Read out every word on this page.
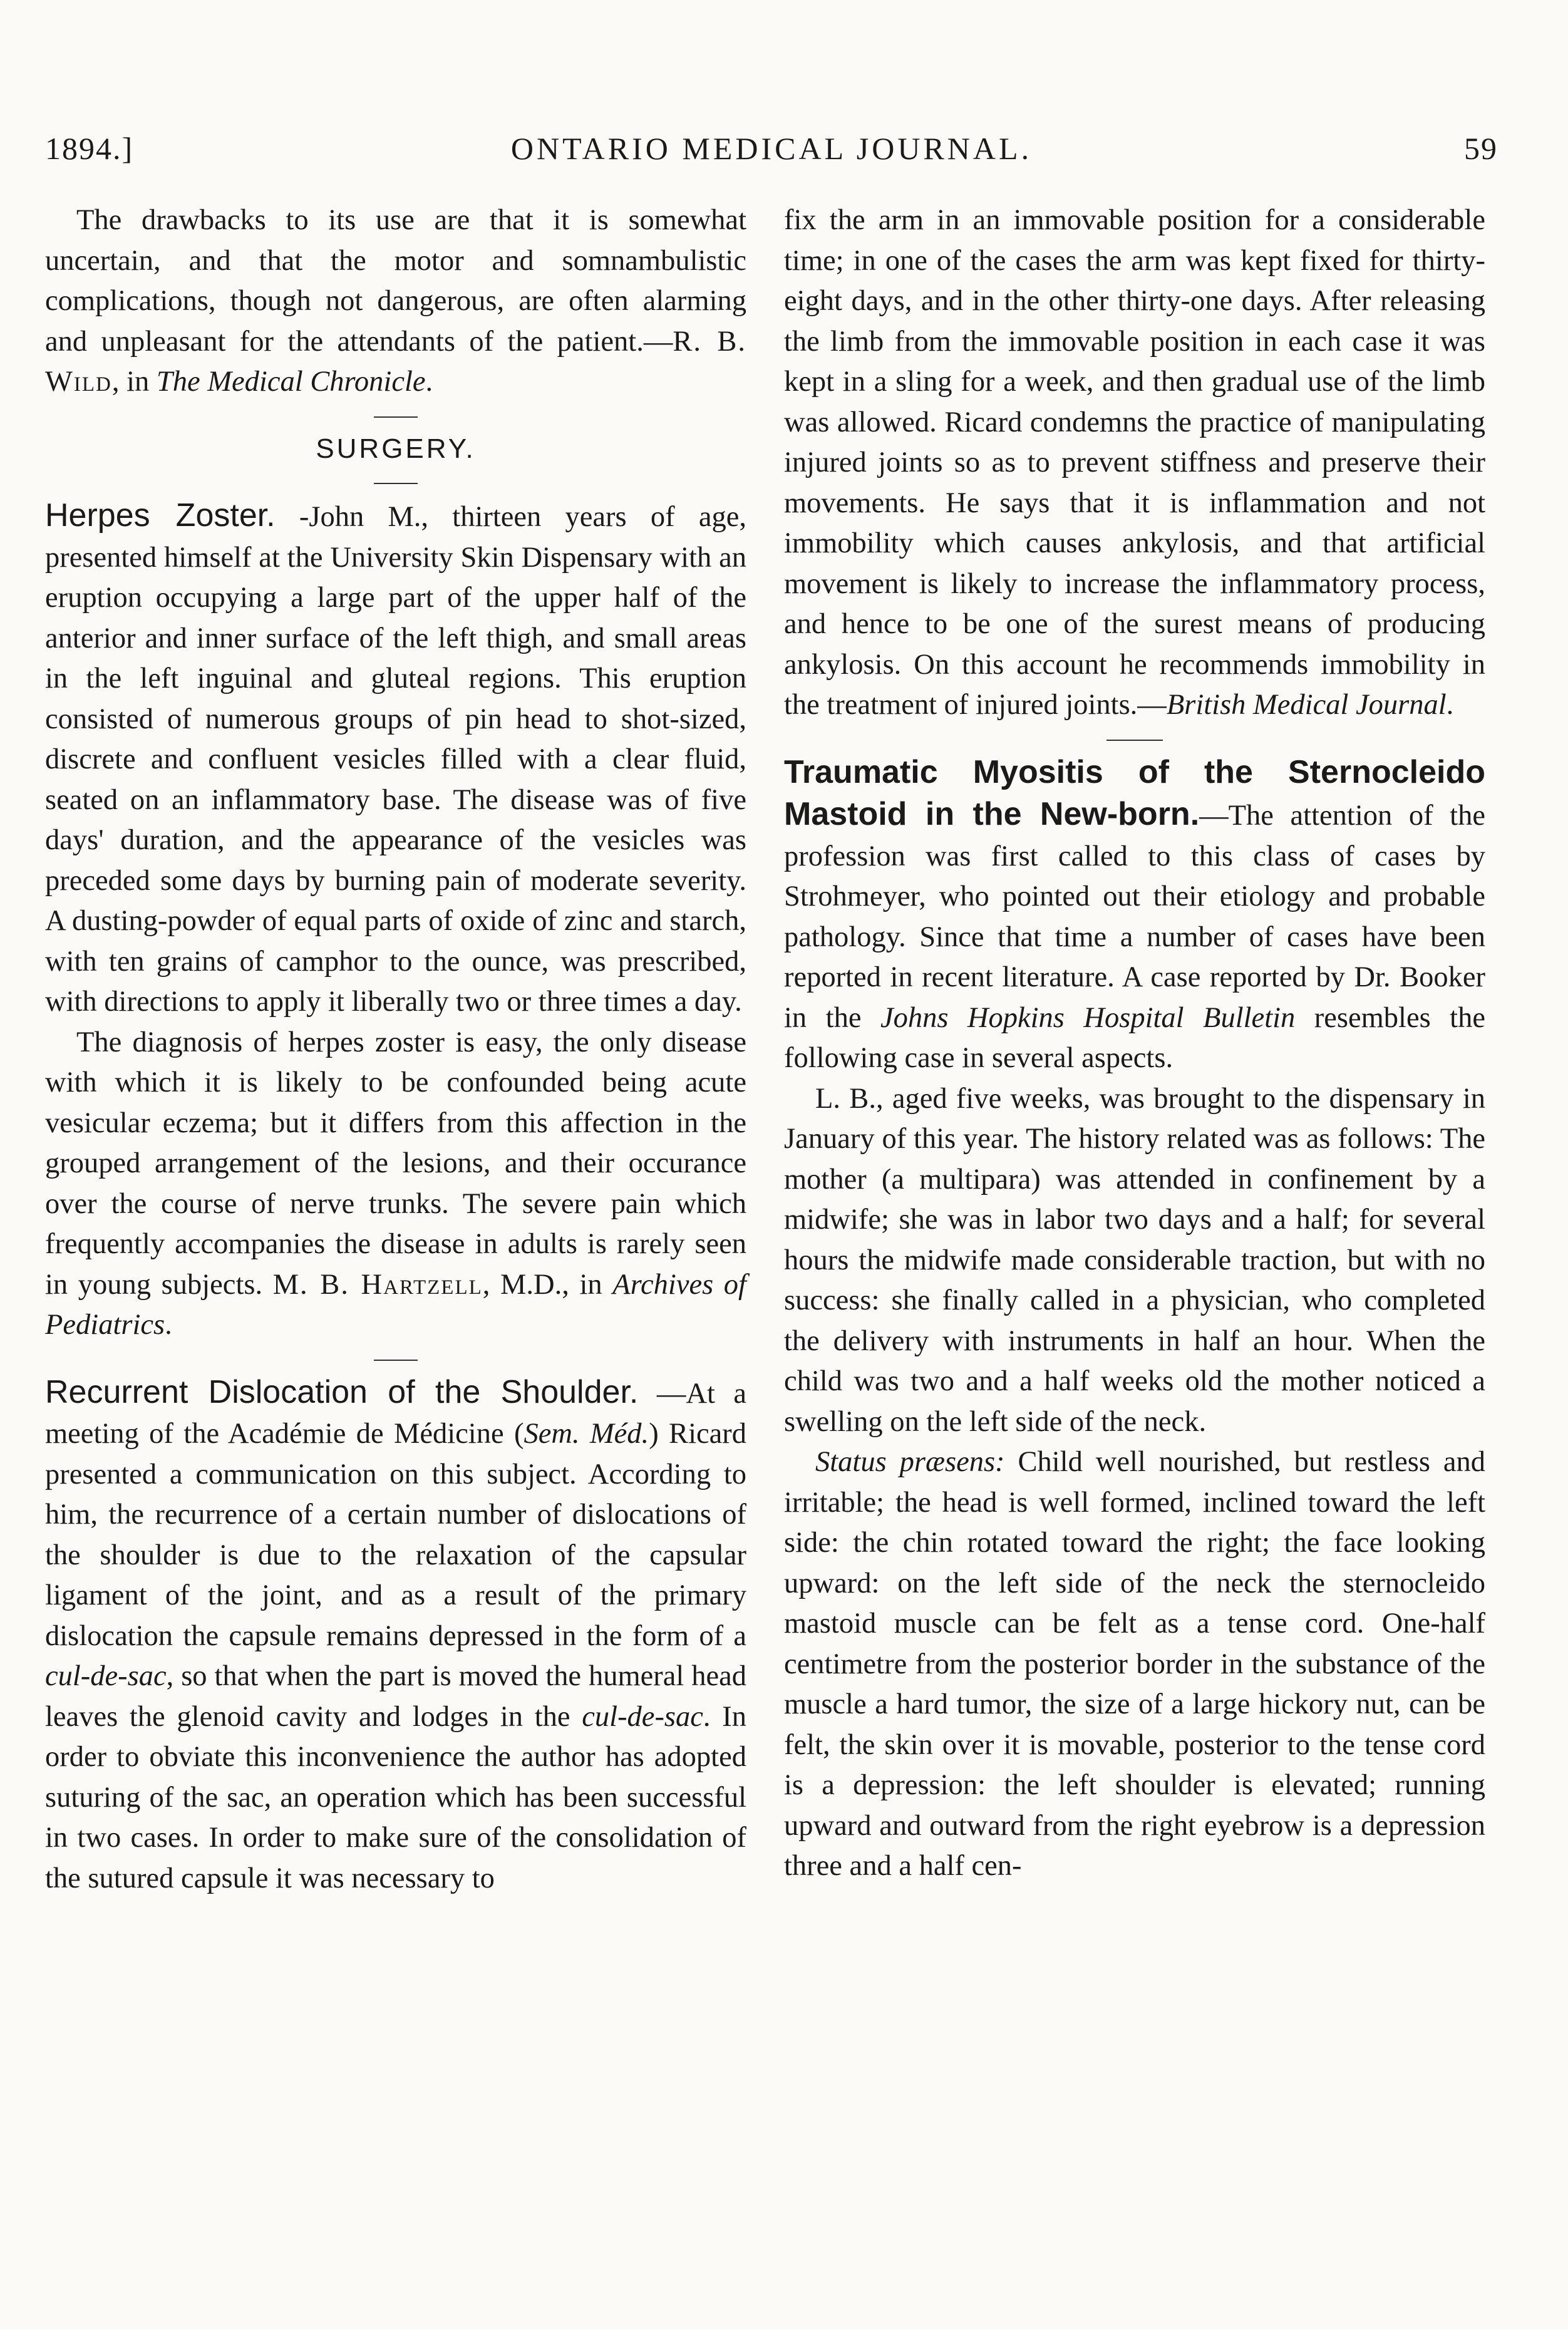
1894.]	ONTARIO MEDICAL JOURNAL.	59

The drawbacks to its use are that it is somewhat uncertain, and that the motor and somnambulistic complications, though not dangerous, are often alarming and unpleasant for the attendants of the patient.—R. B. Wild, in The Medical Chronicle.

SURGERY.

Herpes Zoster. -John M., thirteen years of age, presented himself at the University Skin Dispensary with an eruption occupying a large part of the upper half of the anterior and inner surface of the left thigh, and small areas in the left inguinal and gluteal regions. This eruption consisted of numerous groups of pin head to shot-sized, discrete and confluent vesicles filled with a clear fluid, seated on an inflammatory base. The disease was of five days' duration, and the appearance of the vesicles was preceded some days by burning pain of moderate severity. A dusting-powder of equal parts of oxide of zinc and starch, with ten grains of camphor to the ounce, was prescribed, with directions to apply it liberally two or three times a day.

The diagnosis of herpes zoster is easy, the only disease with which it is likely to be confounded being acute vesicular eczema; but it differs from this affection in the grouped arrangement of the lesions, and their occurance over the course of nerve trunks. The severe pain which frequently accompanies the disease in adults is rarely seen in young subjects. M. B. Hartzell, M.D., in Archives of Pediatrics.

Recurrent Dislocation of the Shoulder. —At a meeting of the Académie de Médicine (Sem. Méd.) Ricard presented a communication on this subject. According to him, the recurrence of a certain number of dislocations of the shoulder is due to the relaxation of the capsular ligament of the joint, and as a result of the primary dislocation the capsule remains depressed in the form of a cul-de-sac, so that when the part is moved the humeral head leaves the glenoid cavity and lodges in the cul-de-sac. In order to obviate this inconvenience the author has adopted suturing of the sac, an operation which has been successful in two cases. In order to make sure of the consolidation of the sutured capsule it was necessary to

fix the arm in an immovable position for a considerable time; in one of the cases the arm was kept fixed for thirty-eight days, and in the other thirty-one days. After releasing the limb from the immovable position in each case it was kept in a sling for a week, and then gradual use of the limb was allowed. Ricard condemns the practice of manipulating injured joints so as to prevent stiffness and preserve their movements. He says that it is inflammation and not immobility which causes ankylosis, and that artificial movement is likely to increase the inflammatory process, and hence to be one of the surest means of producing ankylosis. On this account he recommends immobility in the treatment of injured joints.—British Medical Journal.

Traumatic Myositis of the Sternocleido Mastoid in the New-born.—The attention of the profession was first called to this class of cases by Strohmeyer, who pointed out their etiology and probable pathology. Since that time a number of cases have been reported in recent literature. A case reported by Dr. Booker in the Johns Hopkins Hospital Bulletin resembles the following case in several aspects.

L. B., aged five weeks, was brought to the dispensary in January of this year. The history related was as follows: The mother (a multipara) was attended in confinement by a midwife; she was in labor two days and a half; for several hours the midwife made considerable traction, but with no success: she finally called in a physician, who completed the delivery with instruments in half an hour. When the child was two and a half weeks old the mother noticed a swelling on the left side of the neck.

Status præsens: Child well nourished, but restless and irritable; the head is well formed, inclined toward the left side: the chin rotated toward the right; the face looking upward: on the left side of the neck the sternocleido mastoid muscle can be felt as a tense cord. One-half centimetre from the posterior border in the substance of the muscle a hard tumor, the size of a large hickory nut, can be felt, the skin over it is movable, posterior to the tense cord is a depression: the left shoulder is elevated; running upward and outward from the right eyebrow is a depression three and a half cen-
